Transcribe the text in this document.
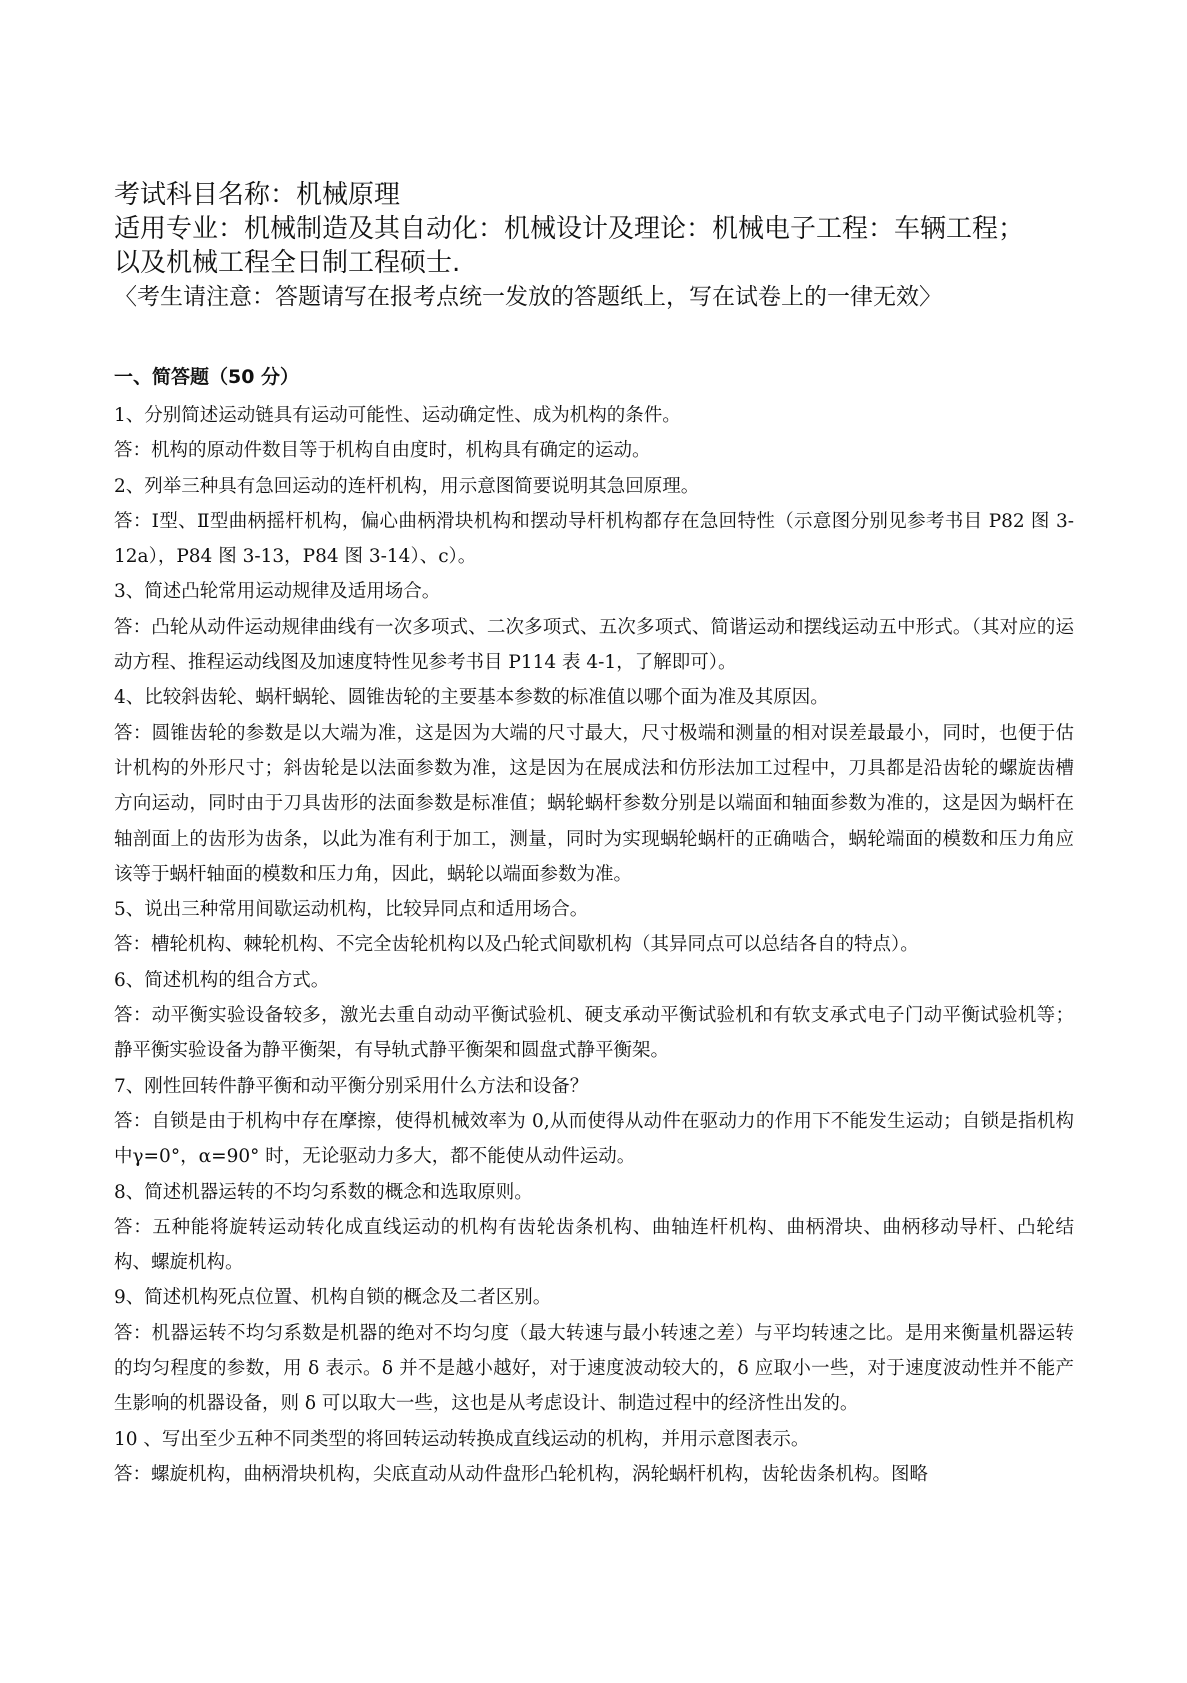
考试科目名称：机械原理

适用专业：机械制造及其自动化：机械设计及理论：机械电子工程：车辆工程；

以及机械工程全日制工程硕士.

〈考生请注意：答题请写在报考点统一发放的答题纸上，写在试卷上的一律无效〉

一、简答题（50 分）

1、分别简述运动链具有运动可能性、运动确定性、成为机构的条件。

答：机构的原动件数目等于机构自由度时，机构具有确定的运动。

2、列举三种具有急回运动的连杆机构，用示意图简要说明其急回原理。

答：Ⅰ型、Ⅱ型曲柄摇杆机构，偏心曲柄滑块机构和摆动导杆机构都存在急回特性（示意图分别见参考书目 P82 图 3-12a），P84 图 3-13，P84 图 3-14）、c）。

3、简述凸轮常用运动规律及适用场合。

答：凸轮从动件运动规律曲线有一次多项式、二次多项式、五次多项式、简谐运动和摆线运动五中形式。（其对应的运动方程、推程运动线图及加速度特性见参考书目 P114 表 4-1，了解即可）。

4、比较斜齿轮、蜗杆蜗轮、圆锥齿轮的主要基本参数的标准值以哪个面为准及其原因。

答：圆锥齿轮的参数是以大端为准，这是因为大端的尺寸最大，尺寸极端和测量的相对误差最最小，同时，也便于估计机构的外形尺寸；斜齿轮是以法面参数为准，这是因为在展成法和仿形法加工过程中，刀具都是沿齿轮的螺旋齿槽方向运动，同时由于刀具齿形的法面参数是标准值；蜗轮蜗杆参数分别是以端面和轴面参数为准的，这是因为蜗杆在轴剖面上的齿形为齿条，以此为准有利于加工，测量，同时为实现蜗轮蜗杆的正确啮合，蜗轮端面的模数和压力角应该等于蜗杆轴面的模数和压力角，因此，蜗轮以端面参数为准。

5、说出三种常用间歇运动机构，比较异同点和适用场合。

答：槽轮机构、棘轮机构、不完全齿轮机构以及凸轮式间歇机构（其异同点可以总结各自的特点）。

6、简述机构的组合方式。

答：动平衡实验设备较多，激光去重自动动平衡试验机、硬支承动平衡试验机和有软支承式电子门动平衡试验机等；静平衡实验设备为静平衡架，有导轨式静平衡架和圆盘式静平衡架。

7、刚性回转件静平衡和动平衡分别采用什么方法和设备？

答：自锁是由于机构中存在摩擦，使得机械效率为 0,从而使得从动件在驱动力的作用下不能发生运动；自锁是指机构中γ=0°，α=90° 时，无论驱动力多大，都不能使从动件运动。

8、简述机器运转的不均匀系数的概念和选取原则。

答：五种能将旋转运动转化成直线运动的机构有齿轮齿条机构、曲轴连杆机构、曲柄滑块、曲柄移动导杆、凸轮结构、螺旋机构。

9、简述机构死点位置、机构自锁的概念及二者区别。

答：机器运转不均匀系数是机器的绝对不均匀度（最大转速与最小转速之差）与平均转速之比。是用来衡量机器运转的均匀程度的参数，用 δ 表示。δ 并不是越小越好，对于速度波动较大的，δ 应取小一些，对于速度波动性并不能产生影响的机器设备，则 δ 可以取大一些，这也是从考虑设计、制造过程中的经济性出发的。

10 、写出至少五种不同类型的将回转运动转换成直线运动的机构，并用示意图表示。

答：螺旋机构，曲柄滑块机构，尖底直动从动件盘形凸轮机构，涡轮蜗杆机构，齿轮齿条机构。图略
